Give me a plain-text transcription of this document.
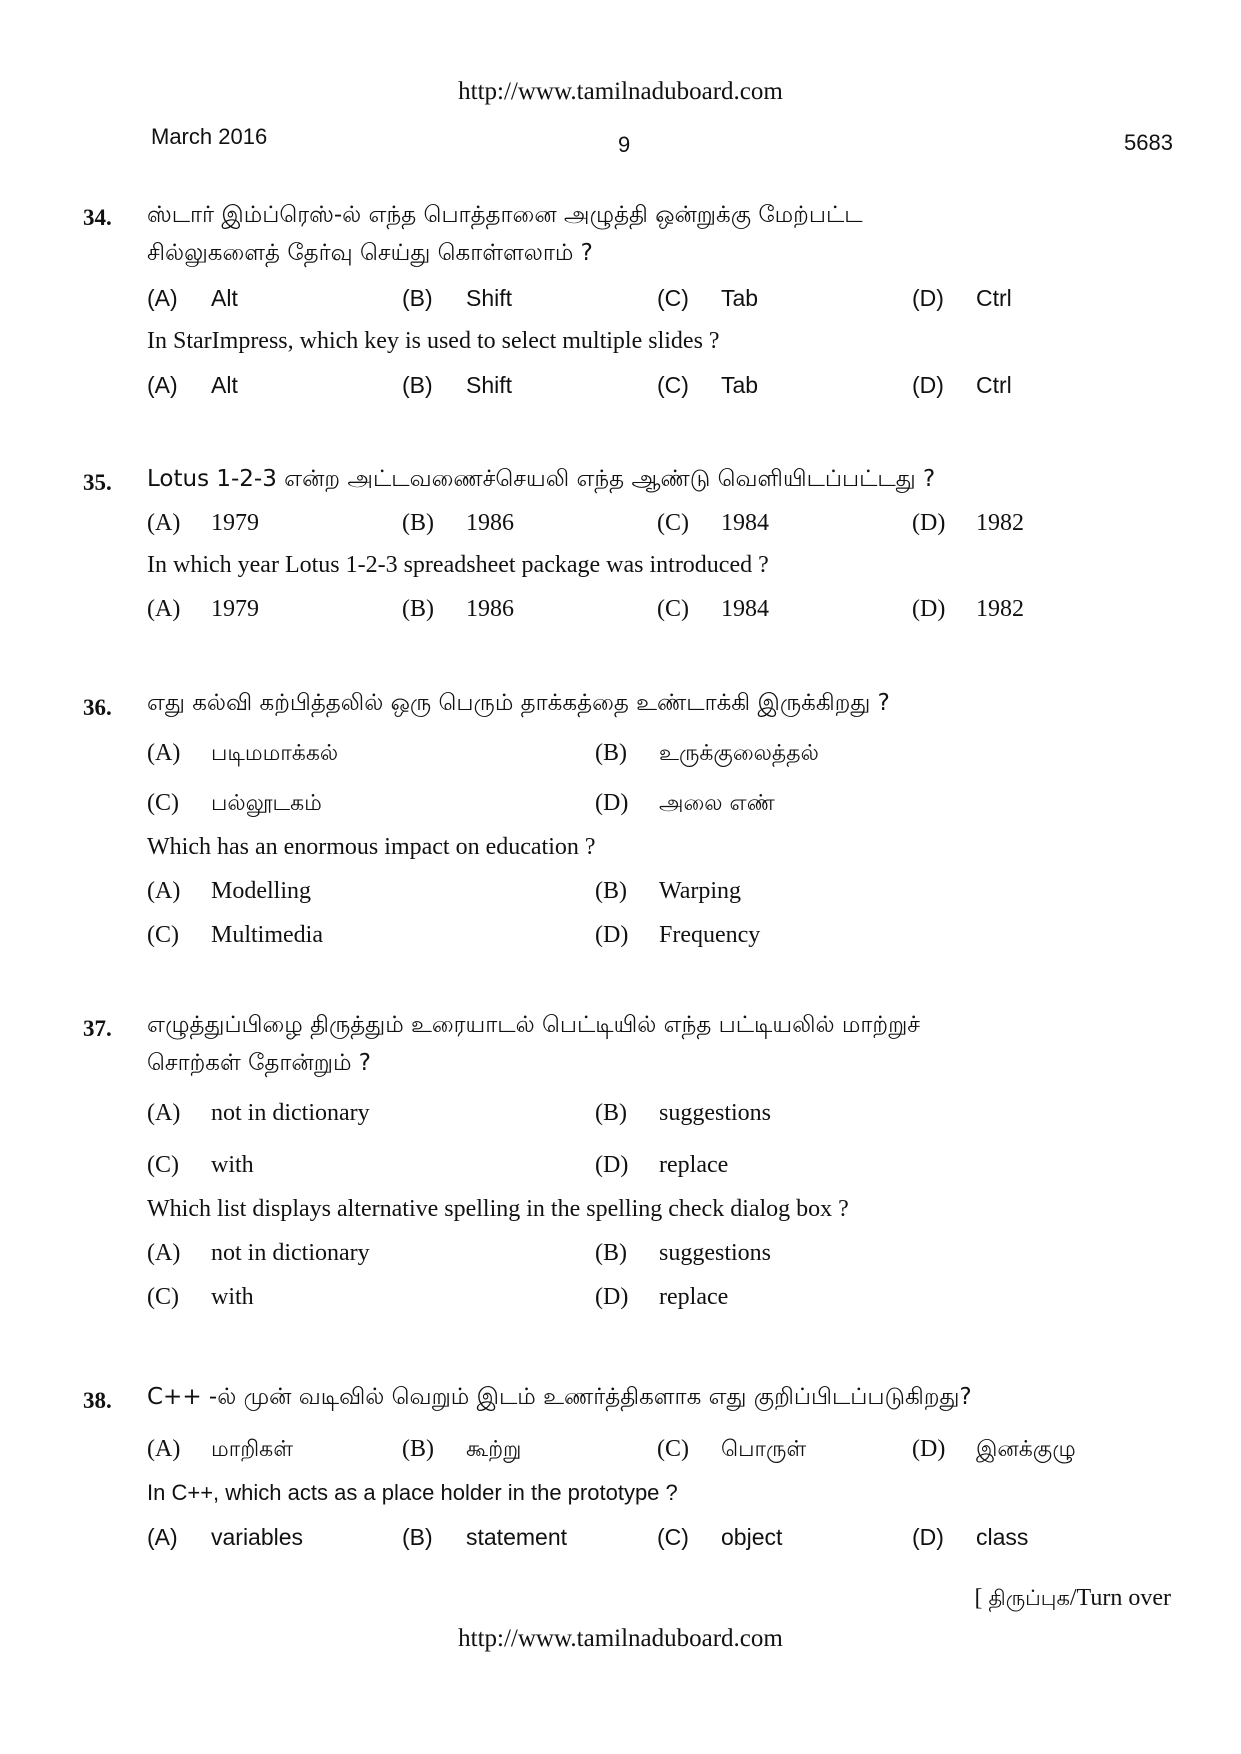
http://www.tamilnaduboard.com
March 2016	9	5683
34. ஸ்டார் இம்ப்ரெஸ்-ல் எந்த பொத்தானை அழுத்தி ஒன்றுக்கு மேற்பட்ட
சில்லுகளைத் தேர்வு செய்து கொள்ளலாம் ?
(A) Alt	(B) Shift	(C) Tab	(D) Ctrl
In StarImpress, which key is used to select multiple slides ?
(A) Alt	(B) Shift	(C) Tab	(D) Ctrl
35. Lotus 1-2-3 என்ற அட்டவணைச்செயலி எந்த ஆண்டு வெளியிடப்பட்டது ?
(A) 1979	(B) 1986	(C) 1984	(D) 1982
In which year Lotus 1-2-3 spreadsheet package was introduced ?
(A) 1979	(B) 1986	(C) 1984	(D) 1982
36. எது கல்வி கற்பித்தலில் ஒரு பெரும் தாக்கத்தை உண்டாக்கி இருக்கிறது ?
(A) படிமமாக்கல்	(B) உருக்குலைத்தல்
(C) பல்லூடகம்	(D) அலை எண்
Which has an enormous impact on education ?
(A) Modelling	(B) Warping
(C) Multimedia	(D) Frequency
37. எழுத்துப்பிழை திருத்தும் உரையாடல் பெட்டியில் எந்த பட்டியலில் மாற்றுச்
சொற்கள் தோன்றும் ?
(A) not in dictionary	(B) suggestions
(C) with	(D) replace
Which list displays alternative spelling in the spelling check dialog box ?
(A) not in dictionary	(B) suggestions
(C) with	(D) replace
38. C++ -ல் முன் வடிவில் வெறும் இடம் உணர்த்திகளாக எது குறிப்பிடப்படுகிறது?
(A) மாறிகள்	(B) கூற்று	(C) பொருள்	(D) இனக்குழு
In C++, which acts as a place holder in the prototype ?
(A) variables	(B) statement	(C) object	(D) class
[ திருப்புக/Turn over
http://www.tamilnaduboard.com
